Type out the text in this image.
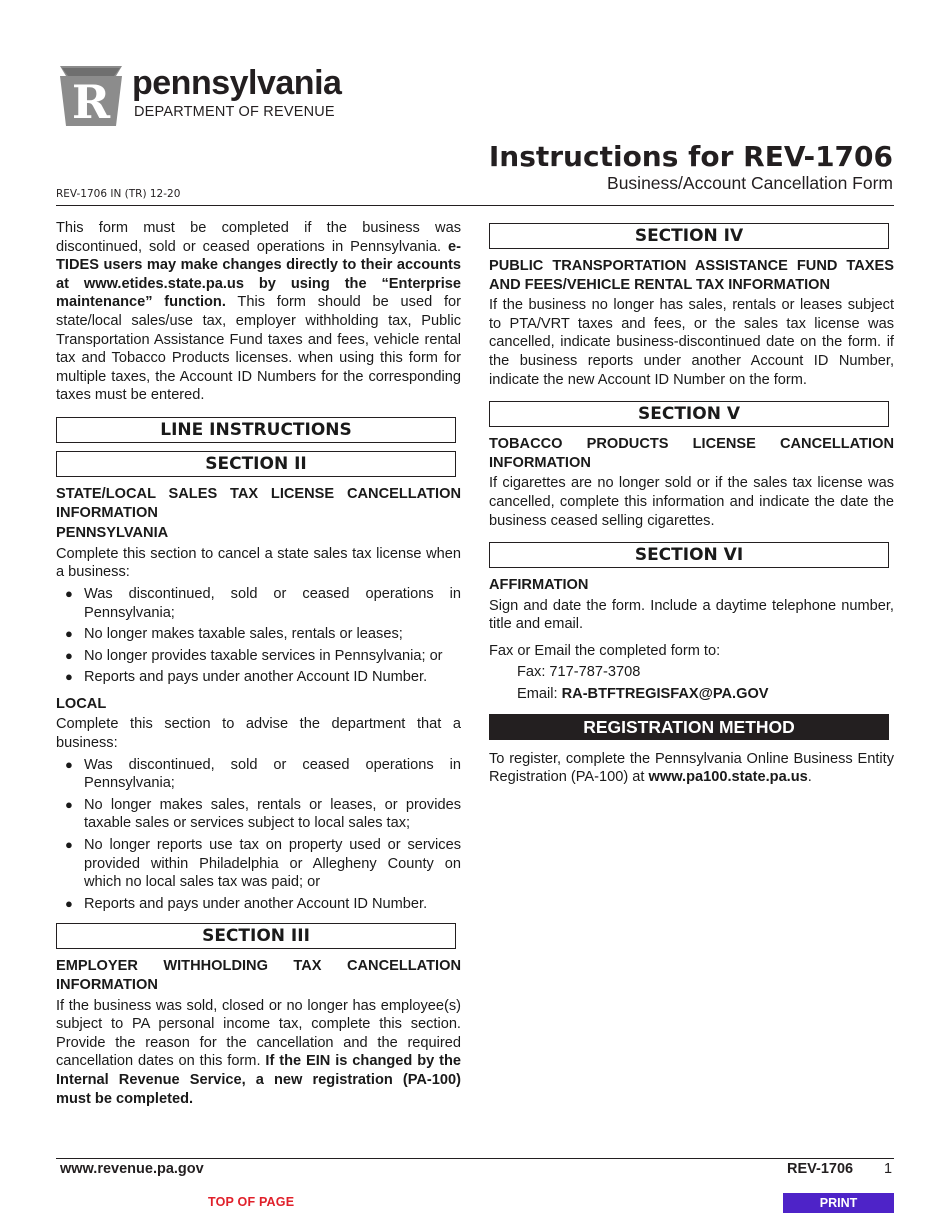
R pennsylvania
DEPARTMENT OF REVENUE
Instructions for REV-1706
Business/Account Cancellation Form
REV-1706 IN (TR) 12-20

This form must be completed if the business was discontinued, sold or ceased operations in Pennsylvania. e-TIDES users may make changes directly to their accounts at www.etides.state.pa.us by using the “Enterprise maintenance” function. This form should be used for state/local sales/use tax, employer withholding tax, Public Transportation Assistance Fund taxes and fees, vehicle rental tax and Tobacco Products licenses. when using this form for multiple taxes, the Account ID Numbers for the corresponding taxes must be entered.

LINE INSTRUCTIONS
SECTION II

STATE/LOCAL SALES TAX LICENSE CANCELLATION INFORMATION

PENNSYLVANIA

Complete this section to cancel a state sales tax license when a business:

● Was discontinued, sold or ceased operations in Pennsylvania;
● No longer makes taxable sales, rentals or leases;
● No longer provides taxable services in Pennsylvania; or
● Reports and pays under another Account ID Number.

LOCAL

Complete this section to advise the department that a business:

● Was discontinued, sold or ceased operations in Pennsylvania;
● No longer makes sales, rentals or leases, or provides taxable sales or services subject to local sales tax;
● No longer reports use tax on property used or services provided within Philadelphia or Allegheny County on which no local sales tax was paid; or
● Reports and pays under another Account ID Number.
SECTION III

EMPLOYER WITHHOLDING TAX CANCELLATION INFORMATION

If the business was sold, closed or no longer has employee(s) subject to PA personal income tax, complete this section. Provide the reason for the cancellation and the required cancellation dates on this form. If the EIN is changed by the Internal Revenue Service, a new registration (PA-100) must be completed.

SECTION IV

PUBLIC TRANSPORTATION ASSISTANCE FUND TAXES AND FEES/VEHICLE RENTAL TAX INFORMATION

If the business no longer has sales, rentals or leases subject to PTA/VRT taxes and fees, or the sales tax license was cancelled, indicate business-discontinued date on the form. if the business reports under another Account ID Number, indicate the new Account ID Number on the form.

SECTION V

TOBACCO PRODUCTS LICENSE CANCELLATION INFORMATION

If cigarettes are no longer sold or if the sales tax license was cancelled, complete this information and indicate the date the business ceased selling cigarettes.

SECTION VI

AFFIRMATION

Sign and date the form. Include a daytime telephone number, title and email.

Fax or Email the completed form to:

Fax: 717-787-3708

Email: RA-BTFTREGISFAX@PA.GOV

REGISTRATION METHOD

To register, complete the Pennsylvania Online Business Entity Registration (PA-100) at www.pa100.state.pa.us.

www.revenue.pa.gov	REV-1706 1
TOP OF PAGE	PRINT
